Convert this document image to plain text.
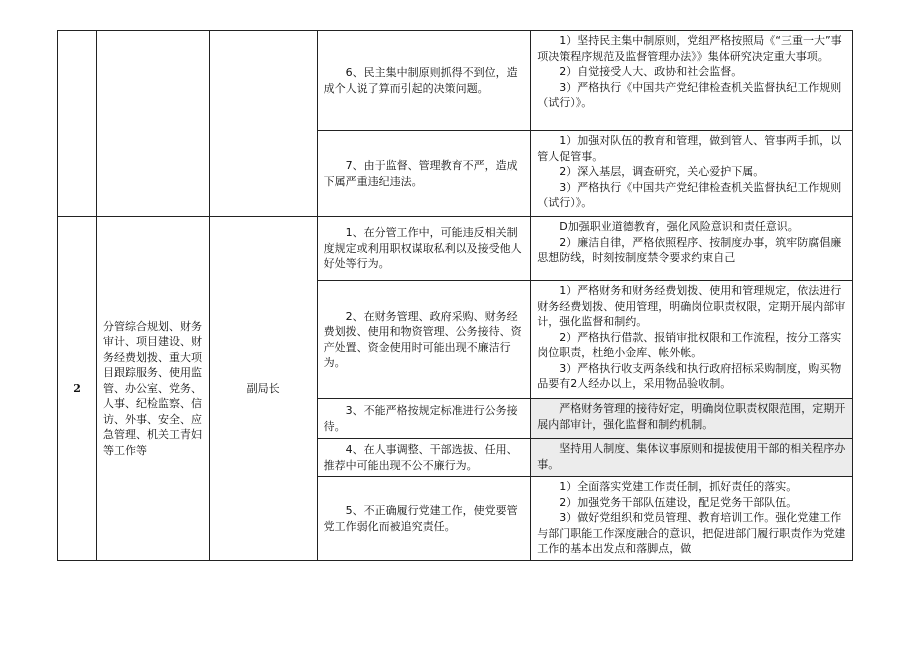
			6、民主集中制原则抓得不到位，造成个人说了算而引起的决策问题。	1）坚持民主集中制原则，党组严格按照局《“三重一大”事项决策程序规范及监督管理办法》》集体研究决定重大事项。
2）自觉接受人大、政协和社会监督。
3）严格执行《中国共产党纪律检查机关监督执纪工作规则（试行）》。

			7、由于监督、管理教育不严，造成下属严重违纪违法。	1）加强对队伍的教育和管理，做到管人、管事两手抓，以管人促管事。
2）深入基层，调查研究，关心爱护下属。
3）严格执行《中国共产党纪律检查机关监督执纪工作规则（试行）》。

2	分管综合规划、财务审计、项目建设、财务经费划拨、重大项目跟踪服务、使用监管、办公室、党务、人事、纪检监察、信访、外事、安全、应急管理、机关工青妇等工作等	副局长	1、在分管工作中，可能违反相关制度规定或利用职权谋取私利以及接受他人好处等行为。	D加强职业道德教育，强化风险意识和责任意识。
2）廉洁自律，严格依照程序、按制度办事，筑牢防腐倡廉思想防线，时刻按制度禁令要求约束自己

			2、在财务管理、政府采购、财务经费划拨、使用和物资管理、公务接待、资产处置、资金使用时可能出现不廉洁行为。	1）严格财务和财务经费划拨、使用和管理规定，依法进行财务经费划拨、使用管理，明确岗位职责权限，定期开展内部审计，强化监督和制约。
2）严格执行借款、报销审批权限和工作流程，按分工落实岗位职责，杜绝小金库、帐外帐。
3）严格执行收支两条线和执行政府招标采购制度，购买物品要有2人经办以上，采用物品验收制。

			3、不能严格按规定标准进行公务接待。	严格财务管理的接待好定，明确岗位职责权限范围，定期开展内部审计，强化监督和制约机制。

			4、在人事调整、干部选拔、任用、推荐中可能出现不公不廉行为。	坚持用人制度、集体议事原则和提拔使用干部的相关程序办事。

			5、不正确履行党建工作，使党要管党工作弱化而被追究责任。	1）全面落实党建工作责任制，抓好责任的落实。
2）加强党务干部队伍建设，配足党务干部队伍。
3）做好党组织和党员管理、教育培训工作。强化党建工作与部门职能工作深度融合的意识，把促进部门履行职责作为党建工作的基本出发点和落脚点，做
